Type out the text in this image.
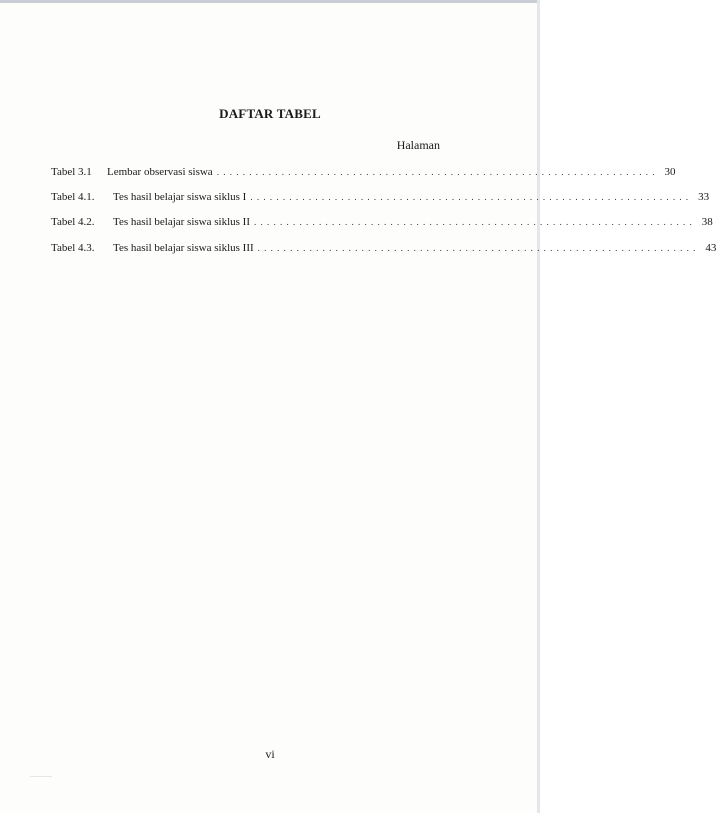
DAFTAR TABEL
Halaman
Tabel 3.1	Lembar observasi siswa . . . . . . . . . . . . . . . . . . . . . . . . . . . . . . . . . . . . . . . . . . . . . . . . . . . . . . . . . . . . . . . . . . . . 30
Tabel 4.1.	Tes hasil belajar siswa siklus I . . . . . . . . . . . . . . . . . . . . . . . . . . . . . . . . . . . . . . . . . . . . . . . . . . . . . . . . . . . . . . . . . . . . 33
Tabel 4.2.	Tes hasil belajar siswa siklus II . . . . . . . . . . . . . . . . . . . . . . . . . . . . . . . . . . . . . . . . . . . . . . . . . . . . . . . . . . . . . . . . . . . . 38
Tabel 4.3.	Tes hasil belajar siswa siklus III . . . . . . . . . . . . . . . . . . . . . . . . . . . . . . . . . . . . . . . . . . . . . . . . . . . . . . . . . . . . . . . . . . . . 43
vi
